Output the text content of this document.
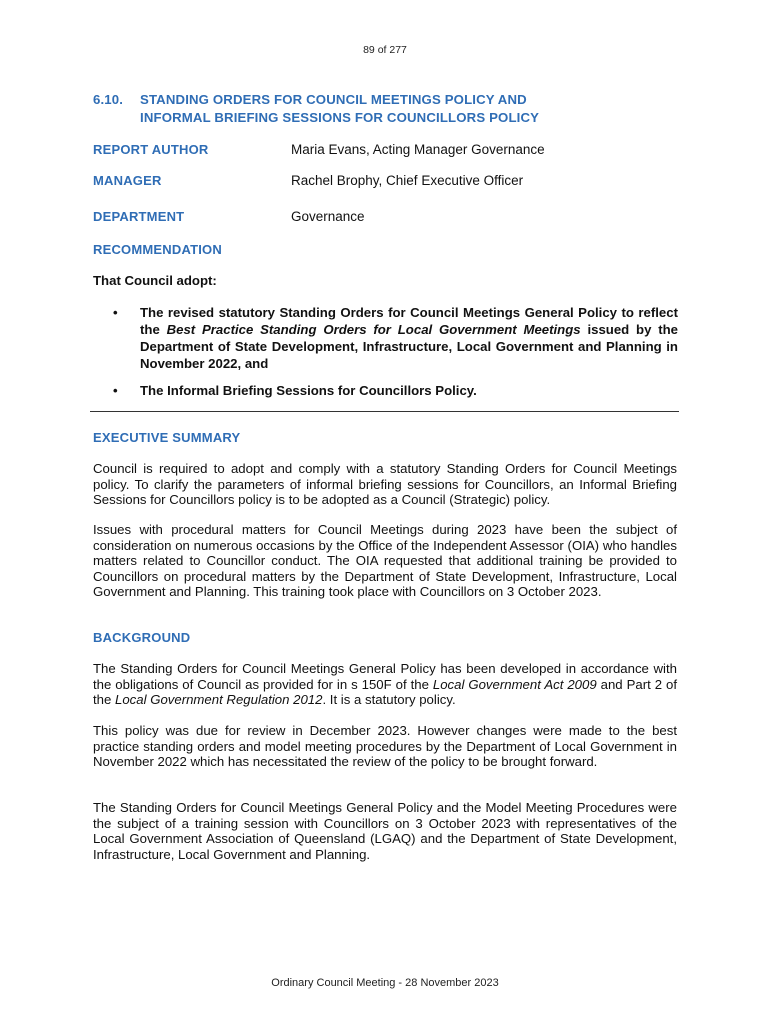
89 of 277
6.10. STANDING ORDERS FOR COUNCIL MEETINGS POLICY AND
INFORMAL BRIEFING SESSIONS FOR COUNCILLORS POLICY
REPORT AUTHOR	Maria Evans, Acting Manager Governance
MANAGER	Rachel Brophy, Chief Executive Officer
DEPARTMENT	Governance
RECOMMENDATION
That Council adopt:
• The revised statutory Standing Orders for Council Meetings General Policy to reflect the Best Practice Standing Orders for Local Government Meetings issued by the Department of State Development, Infrastructure, Local Government and Planning in November 2022, and
• The Informal Briefing Sessions for Councillors Policy.
EXECUTIVE SUMMARY

Council is required to adopt and comply with a statutory Standing Orders for Council Meetings policy. To clarify the parameters of informal briefing sessions for Councillors, an Informal Briefing Sessions for Councillors policy is to be adopted as a Council (Strategic) policy.

Issues with procedural matters for Council Meetings during 2023 have been the subject of consideration on numerous occasions by the Office of the Independent Assessor (OIA) who handles matters related to Councillor conduct. The OIA requested that additional training be provided to Councillors on procedural matters by the Department of State Development, Infrastructure, Local Government and Planning. This training took place with Councillors on 3 October 2023.

BACKGROUND

The Standing Orders for Council Meetings General Policy has been developed in accordance with the obligations of Council as provided for in s 150F of the Local Government Act 2009 and Part 2 of the Local Government Regulation 2012. It is a statutory policy.

This policy was due for review in December 2023. However changes were made to the best practice standing orders and model meeting procedures by the Department of Local Government in November 2022 which has necessitated the review of the policy to be brought forward.

The Standing Orders for Council Meetings General Policy and the Model Meeting Procedures were the subject of a training session with Councillors on 3 October 2023 with representatives of the Local Government Association of Queensland (LGAQ) and the Department of State Development, Infrastructure, Local Government and Planning.

Ordinary Council Meeting - 28 November 2023
